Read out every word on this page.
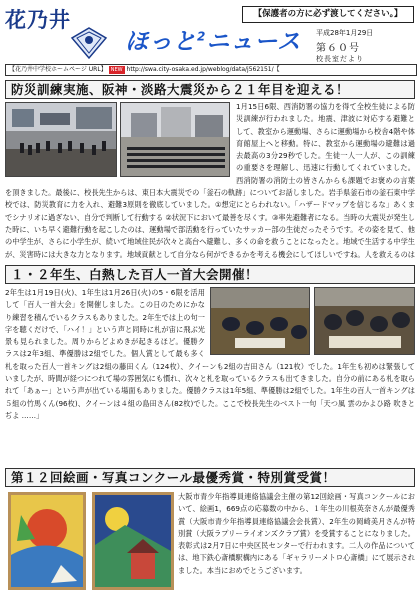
花乃井	【保護者の方に必ず渡してください。】
ほっと$^2$ニュース 平成28年1月29日
第６０号
校長室だより
【花乃井中学校ホームページ URL】 NEW http://swa.city-osaka.ed.jp/weblog/data/j562151/【
防災訓練実施、阪神・淡路大震災から２１年目を迎える！
1月15日6限、西消防署の協力を得て全校生徒による防災訓練が行われました。地震、津波に対応する避難として、教室から運動場、さらに運動場から校舎4階や体育館屋上へと移動。特に、教室から運動場の避難は過去最高の3分29秒でした。生徒一人一人が、この訓練の重要さを理解し、迅速に行動してくれていました。西消防署の消防士の皆さんからも課題でお褒めの言葉を頂きました。最後に、校長先生からは、東日本大震災での「釜石の軌跡」についてお話しました。岩手県釜石市の釜石東中学校では、防災教育に力を入れ、避難3原則を徹底していました。①想定にとらわれない。「ハザードマップを信じるな」あくまでシナリオに過ぎない、自分で判断して行動する ②状況下において最善を尽くす。③率先避難者になる。当時の大震災が発生した時に、いち早く避難行動を起こしたのは、運動場で部活動を行っていたサッカー部の生徒だったそうです。その姿を見て、他の中学生が、さらに小学生が、続いて地域住民が次々と高台へ避難し、多くの命を救うことになったと。地域で生活する中学生が、災害時には大きな力となります。地域貢献として自分なら何ができるかを考える機会にしてほしいですね。人を救えるのは
１・２年生、白熱した百人一首大会開催！
2年生は1月19日(火)、1年生は1月26日(火)の5・6限を活用して「百人一首大会」を開催しました。この日のためにかなり練習を積んでいるクラスもありました。2年生では上の句一字を聴くだけで、「ハイ！」という声と同時に札が宙に飛ぶ光景も見られました。周りからどよめきが起きるほど。優勝クラスは2年3組、準優勝は2組でした。個人賞として最も多く札を取った百人一首キングは2組の藤田くん（124枚）、クイーンも2組の吉田さん（121枚）でした。1年生も初めは緊張していましたが、時間が経つにつれて場の雰囲気にも慣れ、次々と札を取っているクラスも出てきました。自分の前にある札を取られて「あぁー」という声が出ている場面もありました。優勝クラスは1年5組、準優勝は2組でした。1年生の百人一首キングは５組の竹馬くん(96枚)、クイーンは４組の島田さん(82枚)でした。ここで校長先生のベスト一句「天つ風 雲のかよひ路 吹きとぢよ ……」
第１２回絵画・写真コンクール最優秀賞・特別賞受賞！
大阪市青少年指導員連絡協議会主催の第12回絵画・写真コンクールにおいて、絵画1，669点の応募数の中から、１年生の川根英奈さんが最優秀賞（大阪市青少年指導員連絡協議会会長賞）、2年生の岡崎美月さんが特別賞（大阪ラプリーライオンズクラブ賞）を受賞することになりました。表彰式は2月7日に中央区民センターで行われます。二人の作品については、地下鉄心斎橋駅構内にある「ギャラリーメトロ心斎橋」にて展示されました。本当におめでとうございます。
